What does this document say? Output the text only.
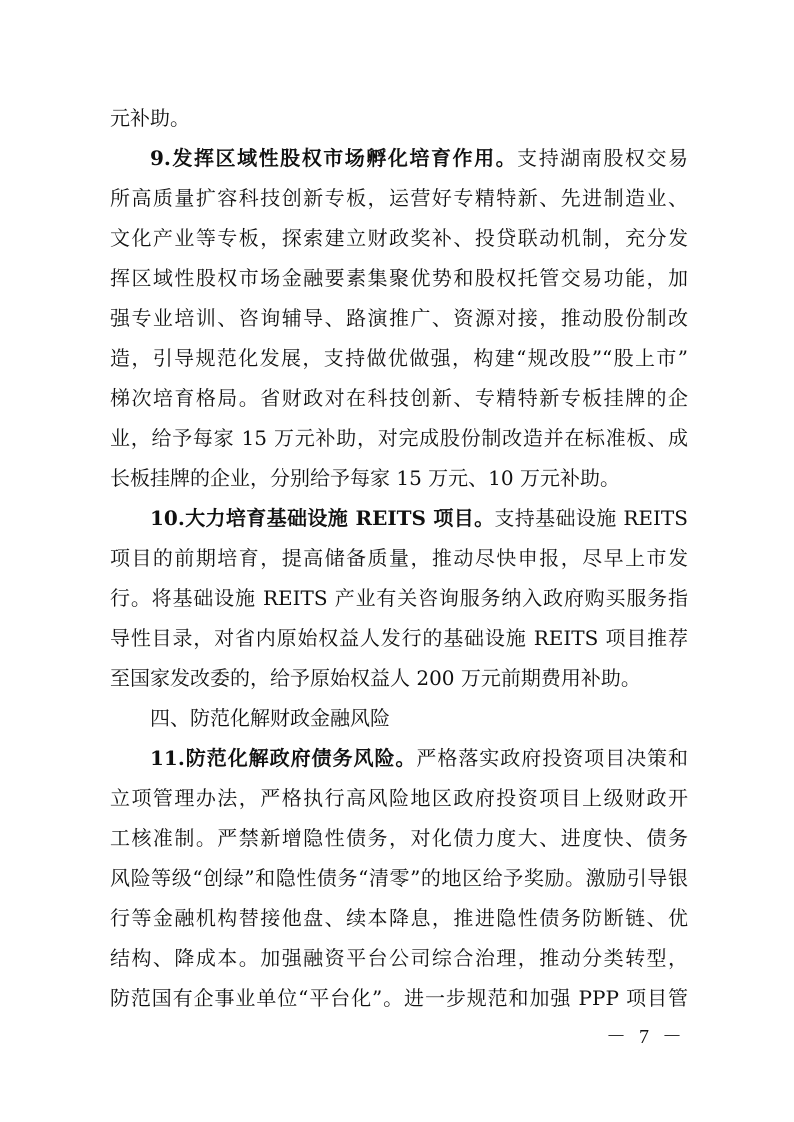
元补助。
9.发挥区域性股权市场孵化培育作用。支持湖南股权交易
所高质量扩容科技创新专板，运营好专精特新、先进制造业、
文化产业等专板，探索建立财政奖补、投贷联动机制，充分发
挥区域性股权市场金融要素集聚优势和股权托管交易功能，加
强专业培训、咨询辅导、路演推广、资源对接，推动股份制改
造，引导规范化发展，支持做优做强，构建“规改股”“股上市”
梯次培育格局。省财政对在科技创新、专精特新专板挂牌的企
业，给予每家 15 万元补助，对完成股份制改造并在标准板、成
长板挂牌的企业，分别给予每家 15 万元、10 万元补助。
10.大力培育基础设施 REITS 项目。支持基础设施 REITS
项目的前期培育，提高储备质量，推动尽快申报，尽早上市发
行。将基础设施 REITS 产业有关咨询服务纳入政府购买服务指
导性目录，对省内原始权益人发行的基础设施 REITS 项目推荐
至国家发改委的，给予原始权益人 200 万元前期费用补助。
四、防范化解财政金融风险
11.防范化解政府债务风险。严格落实政府投资项目决策和
立项管理办法，严格执行高风险地区政府投资项目上级财政开
工核准制。严禁新增隐性债务，对化债力度大、进度快、债务
风险等级“创绿”和隐性债务“清零”的地区给予奖励。激励引导银
行等金融机构替接他盘、续本降息，推进隐性债务防断链、优
结构、降成本。加强融资平台公司综合治理，推动分类转型，
防范国有企事业单位“平台化”。进一步规范和加强 PPP 项目管
－ 7 －
